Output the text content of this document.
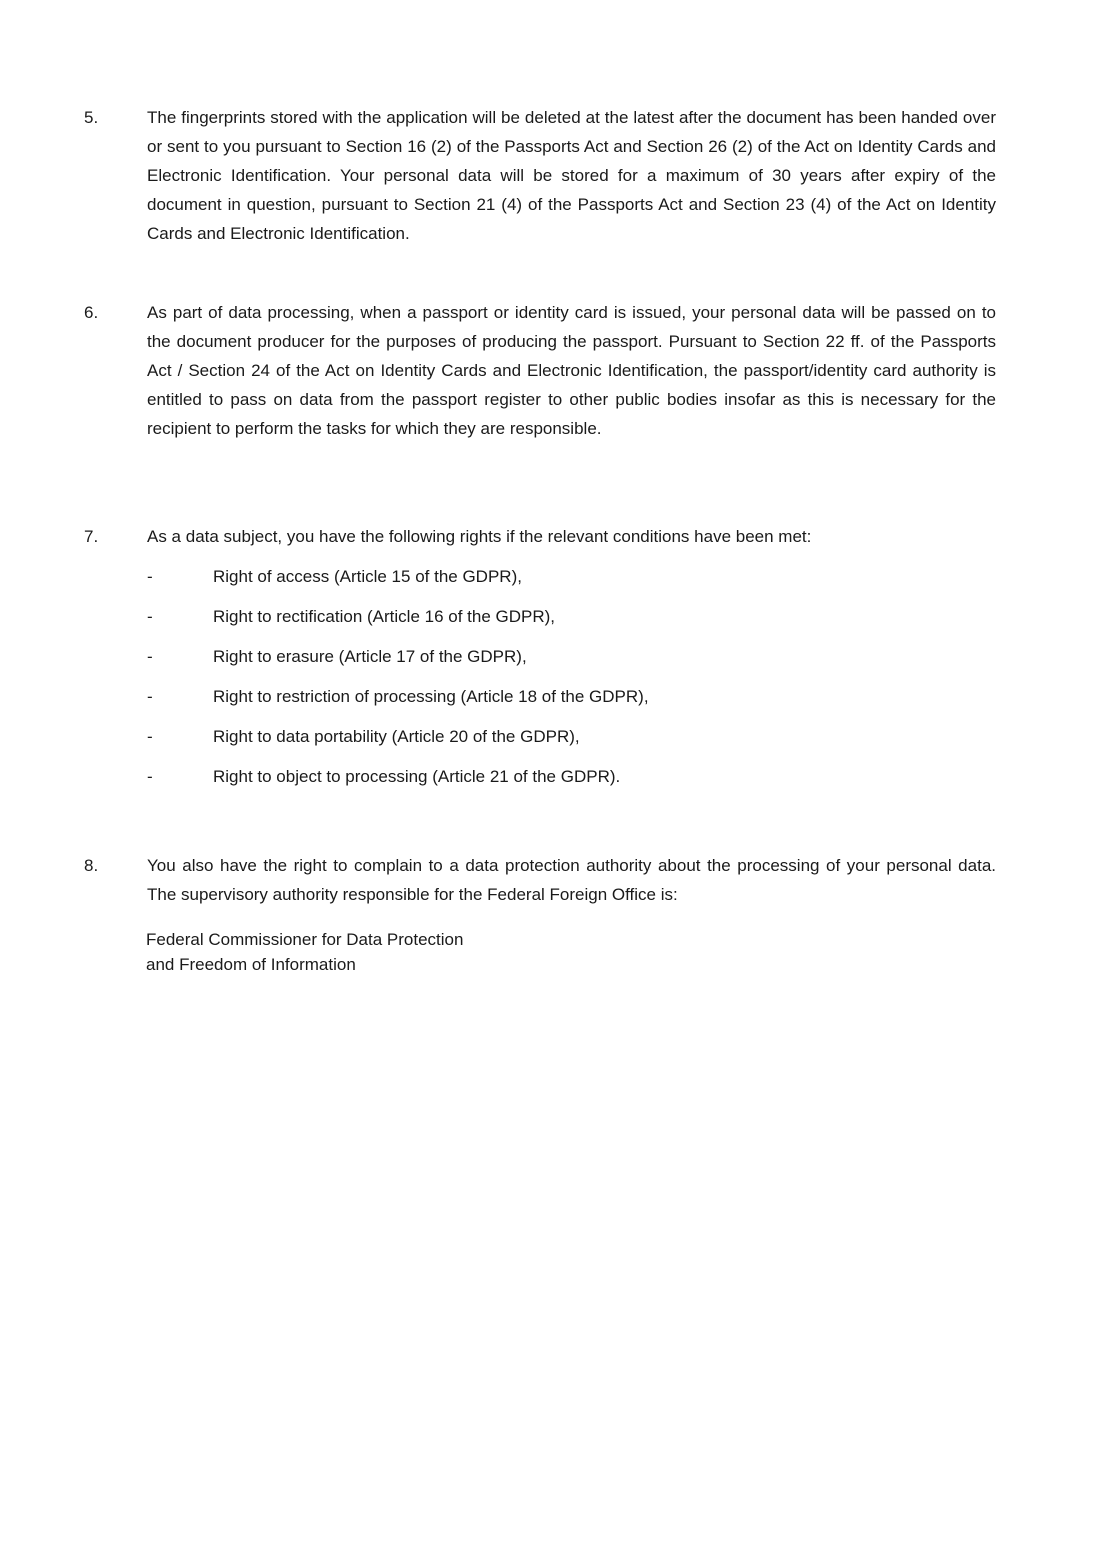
5.	The fingerprints stored with the application will be deleted at the latest after the document has been handed over or sent to you pursuant to Section 16 (2) of the Passports Act and Section 26 (2) of the Act on Identity Cards and Electronic Identification. Your personal data will be stored for a maximum of 30 years after expiry of the document in question, pursuant to Section 21 (4) of the Passports Act and Section 23 (4) of the Act on Identity Cards and Electronic Identification.
6.	As part of data processing, when a passport or identity card is issued, your personal data will be passed on to the document producer for the purposes of producing the passport. Pursuant to Section 22 ff. of the Passports Act / Section 24 of the Act on Identity Cards and Electronic Identification, the passport/identity card authority is entitled to pass on data from the passport register to other public bodies insofar as this is necessary for the recipient to perform the tasks for which they are responsible.
7.	As a data subject, you have the following rights if the relevant conditions have been met:
-	Right of access (Article 15 of the GDPR),
-	Right to rectification (Article 16 of the GDPR),
-	Right to erasure (Article 17 of the GDPR),
-	Right to restriction of processing (Article 18 of the GDPR),
-	Right to data portability (Article 20 of the GDPR),
-	Right to object to processing (Article 21 of the GDPR).
8.	You also have the right to complain to a data protection authority about the processing of your personal data. The supervisory authority responsible for the Federal Foreign Office is:
Federal Commissioner for Data Protection
and Freedom of Information
